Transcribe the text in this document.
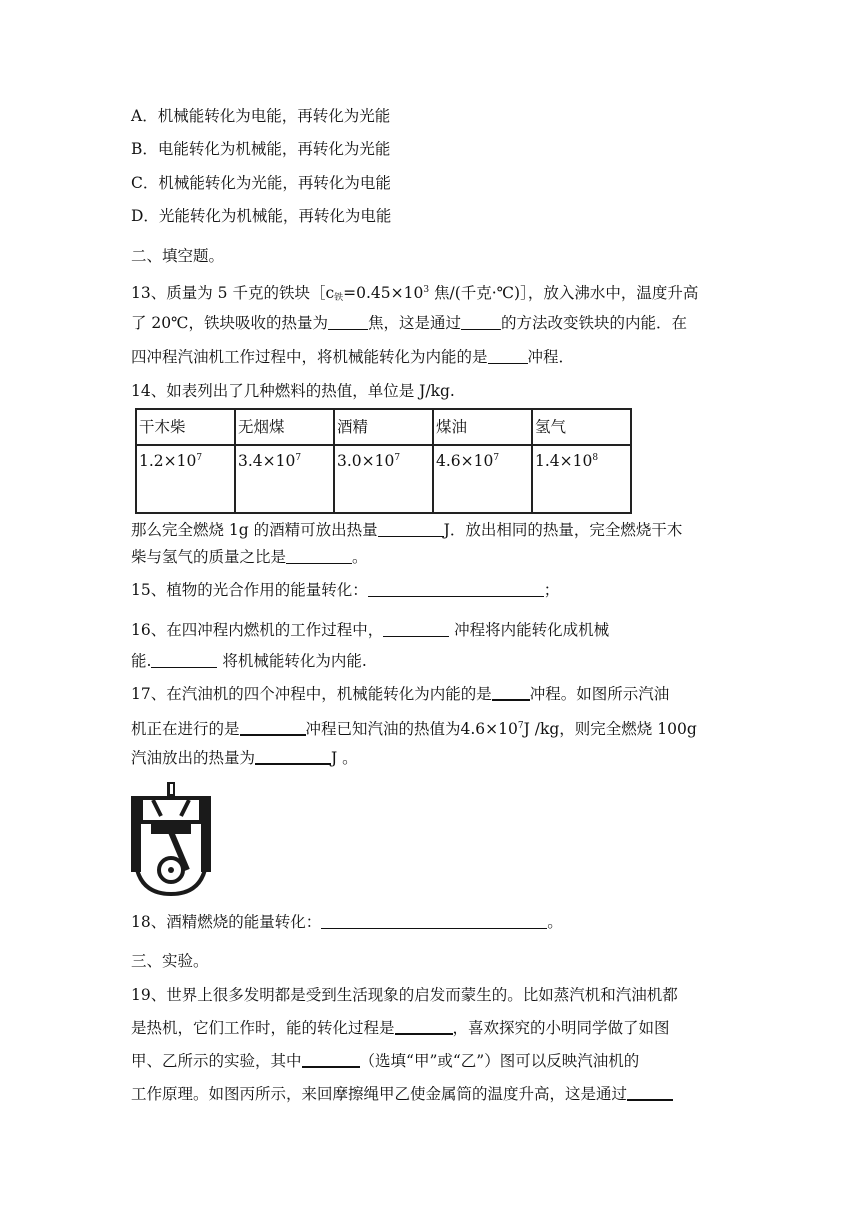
A．机械能转化为电能，再转化为光能
B．电能转化为机械能，再转化为光能
C．机械能转化为光能，再转化为电能
D．光能转化为机械能，再转化为电能
二、填空题。
13、质量为 5 千克的铁块$[c_铁=0.45\times 10^3$ 焦/(千克·℃)］，放入沸水中，温度升高
了 20℃，铁块吸收的热量为	焦，这是通过	的方法改变铁块的内能．在
四冲程汽油机工作过程中，将机械能转化为内能的是	冲程．
14、如表列出了几种燃料的热值，单位是 J/kg.
干木柴	无烟煤	酒精	煤油	氢气
$1.2\times 10^7$	$3.4\times 10^7$	$3.0\times 10^7$	$4.6\times 10^7$	$1.4\times 10^8$
那么完全燃烧 1g 的酒精可放出热量	J．放出相同的热量，完全燃烧干木
柴与氢气的质量之比是	。
15、植物的光合作用的能量转化：	；
16、在四冲程内燃机的工作过程中，	冲程将内能转化成机械
能.	将机械能转化为内能.
17、在汽油机的四个冲程中，机械能转化为内能的是 冲程。如图所示汽油
机正在进行的是	冲程已知汽油的热值为$4.6\times 10^7J$ /kg，则完全燃烧 100g
汽油放出的热量为	J 。
18、酒精燃烧的能量转化：	。
三、实验。
19、世界上很多发明都是受到生活现象的启发而蒙生的。比如蒸汽机和汽油机都
是热机，它们工作时，能的转化过程是	，喜欢探究的小明同学做了如图
甲、乙所示的实验，其中	（选填“甲”或“乙”）图可以反映汽油机的
工作原理。如图丙所示，来回摩擦绳甲乙使金属筒的温度升高，这是通过
